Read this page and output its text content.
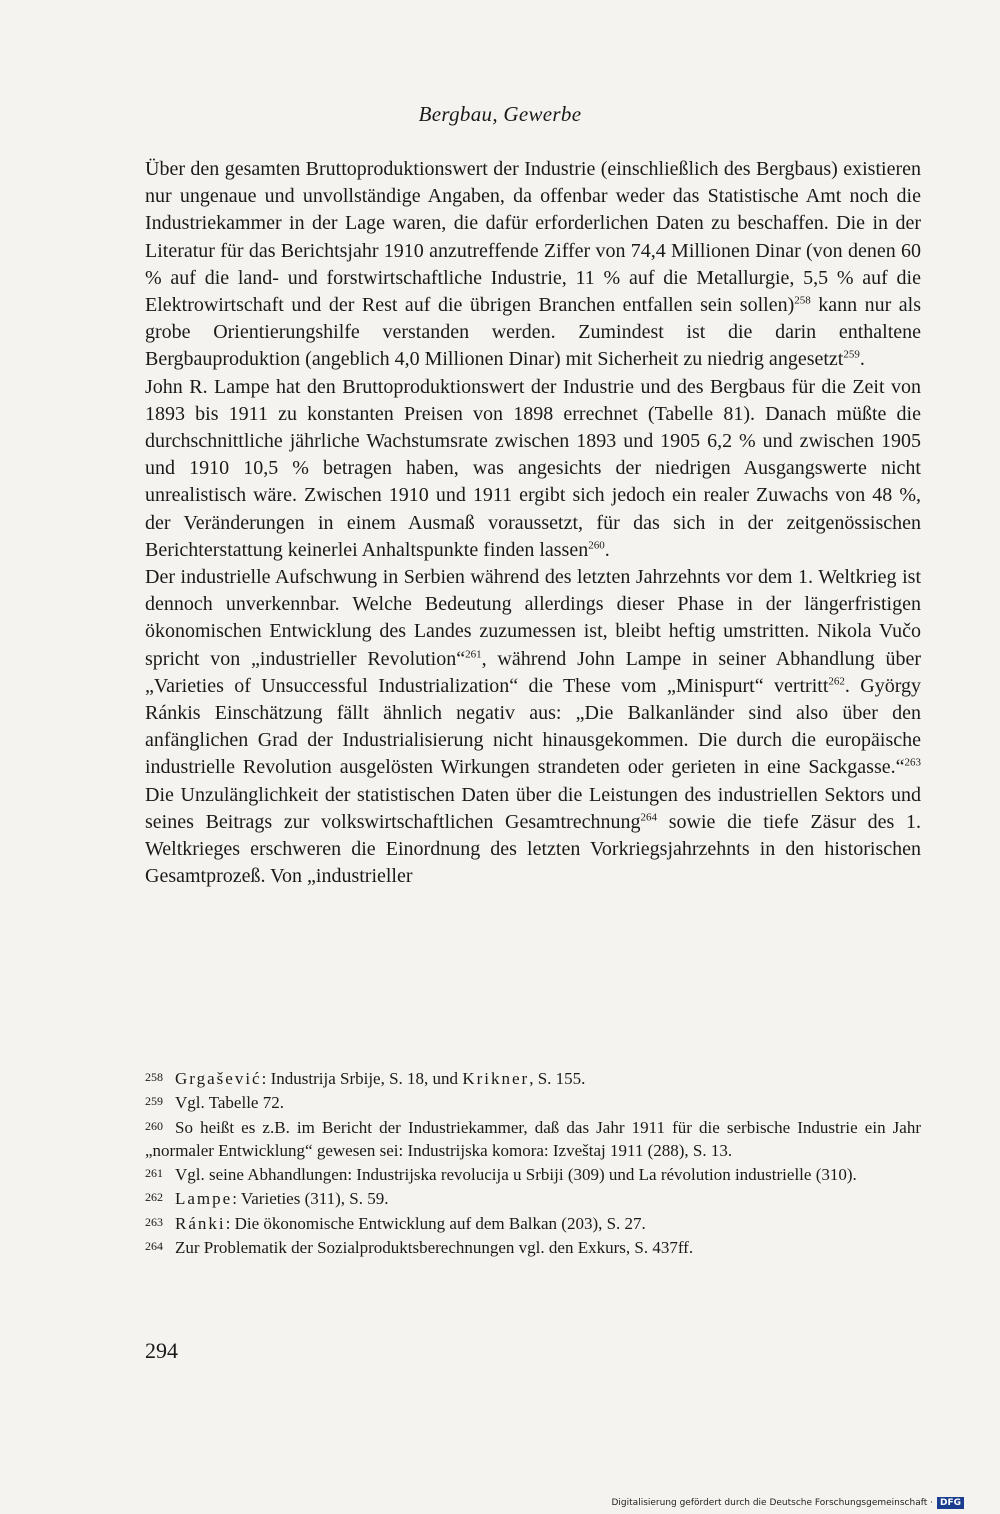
Bergbau, Gewerbe

Über den gesamten Bruttoproduktionswert der Industrie (einschließlich des Bergbaus) existieren nur ungenaue und unvollständige Angaben, da offenbar weder das Statistische Amt noch die Industriekammer in der Lage waren, die dafür erforderlichen Daten zu beschaffen. Die in der Literatur für das Berichtsjahr 1910 anzutreffende Ziffer von 74,4 Millionen Dinar (von denen 60 % auf die land- und forstwirtschaftliche Industrie, 11 % auf die Metallurgie, 5,5 % auf die Elektrowirtschaft und der Rest auf die übrigen Branchen entfallen sein sollen)$^{258}$ kann nur als grobe Orientierungshilfe verstanden werden. Zumindest ist die darin enthaltene Bergbauproduktion (angeblich 4,0 Millionen Dinar) mit Sicherheit zu niedrig angesetzt$^{259}$.

John R. Lampe hat den Bruttoproduktionswert der Industrie und des Bergbaus für die Zeit von 1893 bis 1911 zu konstanten Preisen von 1898 errechnet (Tabelle 81). Danach müßte die durchschnittliche jährliche Wachstumsrate zwischen 1893 und 1905 6,2 % und zwischen 1905 und 1910 10,5 % betragen haben, was angesichts der niedrigen Ausgangswerte nicht unrealistisch wäre. Zwischen 1910 und 1911 ergibt sich jedoch ein realer Zuwachs von 48 %, der Veränderungen in einem Ausmaß voraussetzt, für das sich in der zeitgenössischen Berichterstattung keinerlei Anhaltspunkte finden lassen$^{260}$.

Der industrielle Aufschwung in Serbien während des letzten Jahrzehnts vor dem 1. Weltkrieg ist dennoch unverkennbar. Welche Bedeutung allerdings dieser Phase in der längerfristigen ökonomischen Entwicklung des Landes zuzumessen ist, bleibt heftig umstritten. Nikola Vučo spricht von „industrieller Revolution“$^{261}$, während John Lampe in seiner Abhandlung über „Varieties of Unsuccessful Industrialization“ die These vom „Minispurt“ vertritt$^{262}$. György Ránkis Einschätzung fällt ähnlich negativ aus: „Die Balkanländer sind also über den anfänglichen Grad der Industrialisierung nicht hinausgekommen. Die durch die europäische industrielle Revolution ausgelösten Wirkungen strandeten oder gerieten in eine Sackgasse.“$^{263}$ Die Unzulänglichkeit der statistischen Daten über die Leistungen des industriellen Sektors und seines Beitrags zur volkswirtschaftlichen Gesamtrechnung$^{264}$ sowie die tiefe Zäsur des 1. Weltkrieges erschweren die Einordnung des letzten Vorkriegsjahrzehnts in den historischen Gesamtprozeß. Von „industrieller

258 Grgašević: Industrija Srbije, S. 18, und Krikner, S. 155.

259 Vgl. Tabelle 72.

260 So heißt es z.B. im Bericht der Industriekammer, daß das Jahr 1911 für die serbische Industrie ein Jahr „normaler Entwicklung“ gewesen sei: Industrijska komora: Izveštaj 1911 (288), S. 13.

261 Vgl. seine Abhandlungen: Industrijska revolucija u Srbiji (309) und La révolution industrielle (310).

262 Lampe: Varieties (311), S. 59.

263 Ránki: Die ökonomische Entwicklung auf dem Balkan (203), S. 27.

264 Zur Problematik der Sozialproduktsberechnungen vgl. den Exkurs, S. 437ff.

294
Digitalisierung gefördert durch die Deutsche Forschungsgemeinschaft · DFG
